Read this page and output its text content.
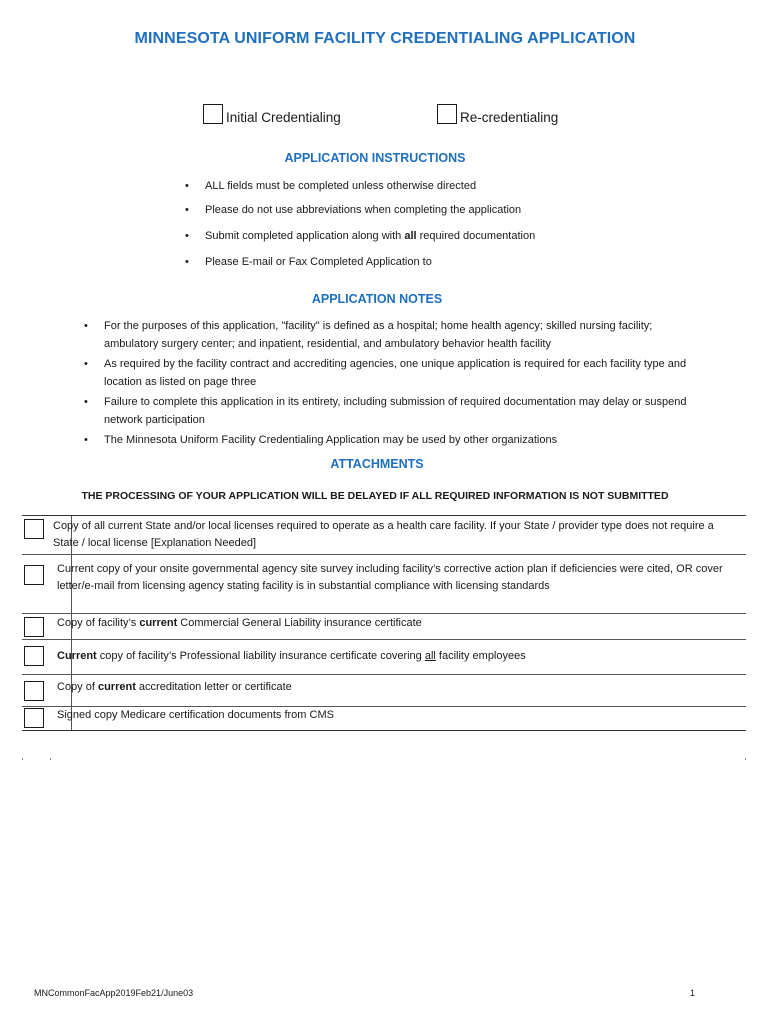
MINNESOTA UNIFORM FACILITY CREDENTIALING APPLICATION
Initial Credentialing	Re-credentialing
APPLICATION INSTRUCTIONS
• ALL fields must be completed unless otherwise directed
• Please do not use abbreviations when completing the application
• Submit completed application along with all required documentation
• Please E-mail or Fax Completed Application to
APPLICATION NOTES
• For the purposes of this application, "facility" is defined as a hospital; home health agency; skilled nursing facility; ambulatory surgery center; and inpatient, residential, and ambulatory behavior health facility
• As required by the facility contract and accrediting agencies, one unique application is required for each facility type and location as listed on page three
• Failure to complete this application in its entirety, including submission of required documentation may delay or suspend network participation
• The Minnesota Uniform Facility Credentialing Application may be used by other organizations
ATTACHMENTS
THE PROCESSING OF YOUR APPLICATION WILL BE DELAYED IF ALL REQUIRED INFORMATION IS NOT SUBMITTED
Copy of all current State and/or local licenses required to operate as a health care facility. If your State / provider type does not require a State / local license [Explanation Needed]
Current copy of your onsite governmental agency site survey including facility’s corrective action plan if deficiencies were cited, OR cover letter/e-mail from licensing agency stating facility is in substantial compliance with licensing standards
Copy of facility’s current Commercial General Liability insurance certificate
Current copy of facility’s Professional liability insurance certificate covering all facility employees
Copy of current accreditation letter or certificate
Signed copy Medicare certification documents from CMS
MNCommonFacApp2019Feb21/June03	1
